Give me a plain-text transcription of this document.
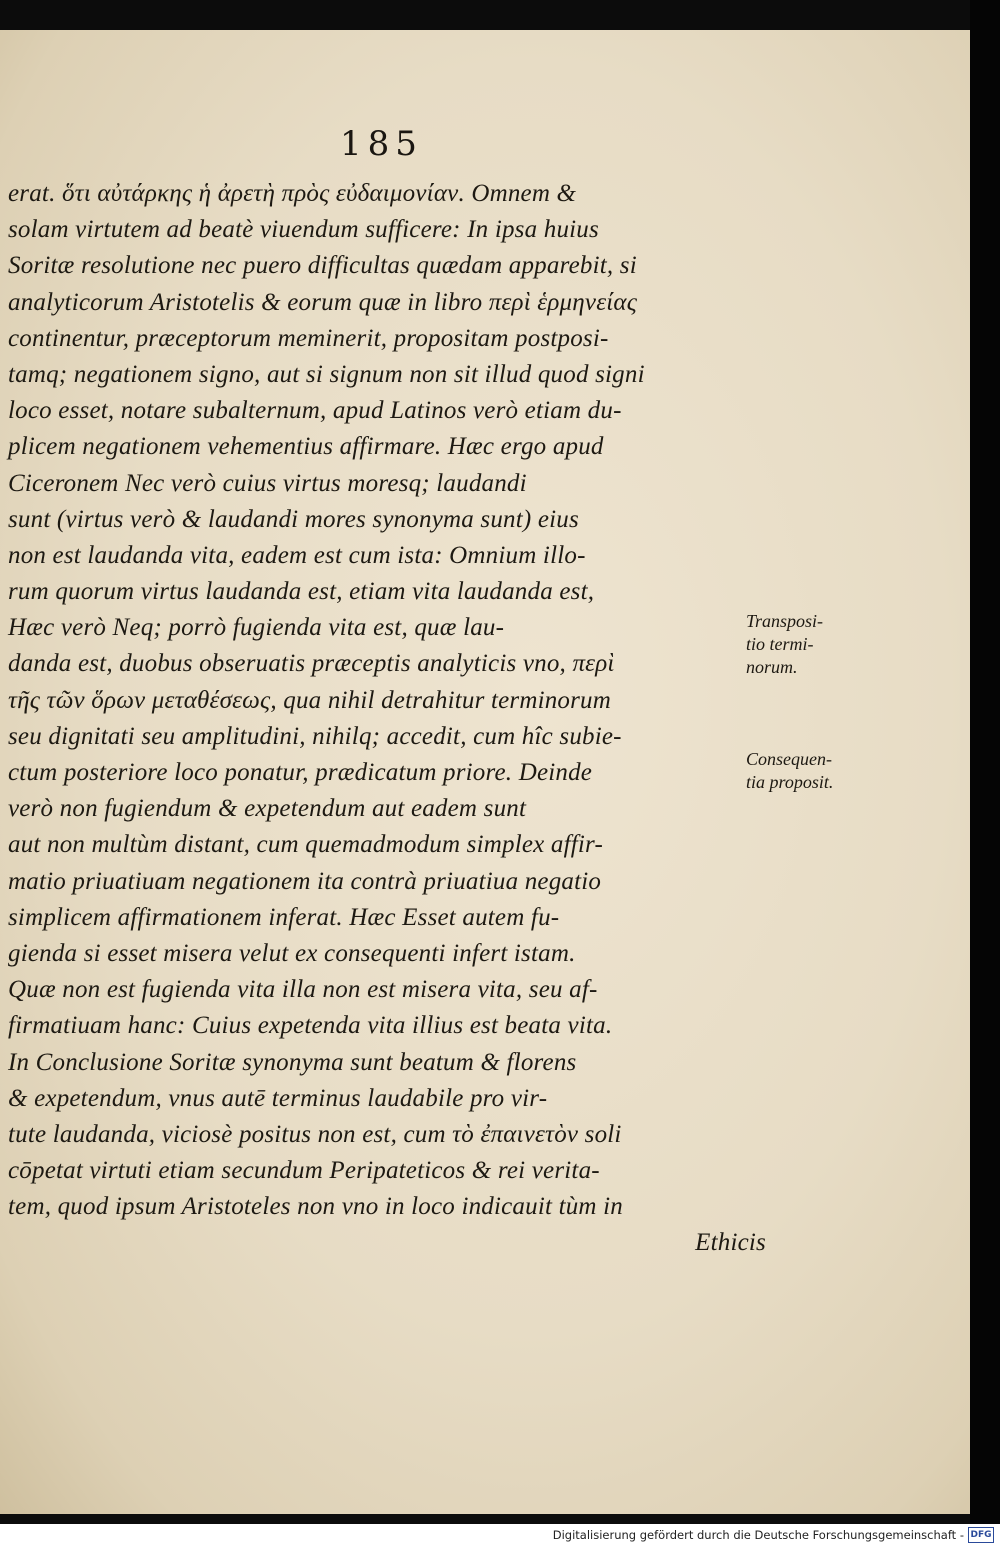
185
erat. ὅτι αὐτάρκης ἡ ἀρετὴ πρὸς εὐδαιμονίαν. Omnem &
solam virtutem ad beatè viuendum sufficere: In ipsa huius
Soritæ resolutione nec puero difficultas quædam apparebit, si
analyticorum Aristotelis & eorum quæ in libro περὶ ἑρμηνείας
continentur, præceptorum meminerit, propositam postposi-
tamq; negationem signo, aut si signum non sit illud quod signi
loco esset, notare subalternum, apud Latinos verò etiam du-
plicem negationem vehementius affirmare. Hæc ergo apud
Ciceronem Nec verò cuius virtus moresq; laudandi
sunt (virtus verò & laudandi mores synonyma sunt) eius
non est laudanda vita, eadem est cum ista: Omnium illo-
rum quorum virtus laudanda est, etiam vita laudanda est,
Hæc verò Neq; porrò fugienda vita est, quæ lau-
danda est, duobus obseruatis præceptis analyticis vno, περὶ
τῆς τῶν ὅρων μεταθέσεως, qua nihil detrahitur terminorum
seu dignitati seu amplitudini, nihilq; accedit, cum hîc subie-
ctum posteriore loco ponatur, prædicatum priore. Deinde
verò non fugiendum & expetendum aut eadem sunt
aut non multùm distant, cum quemadmodum simplex affir-
matio priuatiuam negationem ita contrà priuatiua negatio
simplicem affirmationem inferat. Hæc Esset autem fu-
gienda si esset misera velut ex consequenti infert istam.
Quæ non est fugienda vita illa non est misera vita, seu af-
firmatiuam hanc: Cuius expetenda vita illius est beata vita.
In Conclusione Soritæ synonyma sunt beatum & florens
& expetendum, vnus autē terminus laudabile pro vir-
tute laudanda, viciosè positus non est, cum τὸ ἐπαινετὸν soli
cōpetat virtuti etiam secundum Peripateticos & rei verita-
tem, quod ipsum Aristoteles non vno in loco indicauit tùm in
Ethicis
Transposi-
tio termi-
norum.
Consequen-
tia proposit.
Digitalisierung gefördert durch die Deutsche Forschungsgemeinschaft - DFG
